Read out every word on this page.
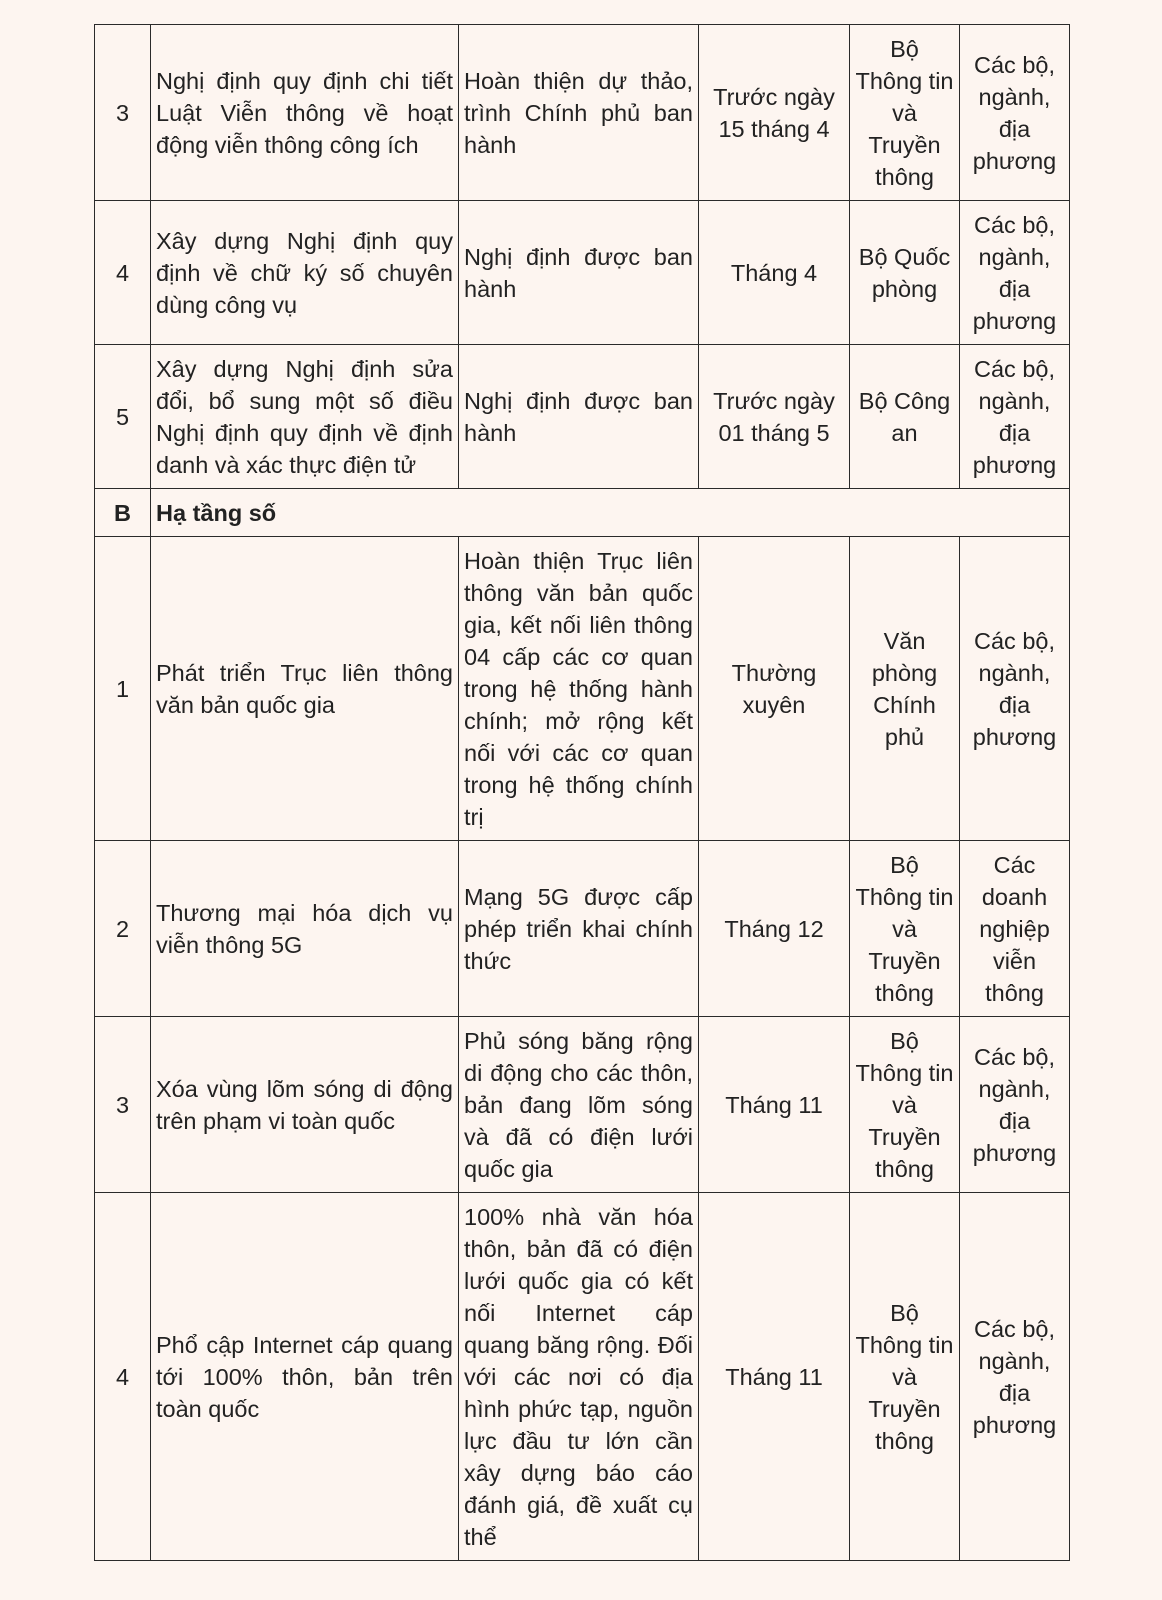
3	Nghị định quy định chi tiết Luật Viễn thông về hoạt động viễn thông công ích	Hoàn thiện dự thảo, trình Chính phủ ban hành	Trước ngày 15 tháng 4	Bộ Thông tin và Truyền thông	Các bộ, ngành, địa phương
4	Xây dựng Nghị định quy định về chữ ký số chuyên dùng công vụ	Nghị định được ban hành	Tháng 4	Bộ Quốc phòng	Các bộ, ngành, địa phương
5	Xây dựng Nghị định sửa đổi, bổ sung một số điều Nghị định quy định về định danh và xác thực điện tử	Nghị định được ban hành	Trước ngày 01 tháng 5	Bộ Công an	Các bộ, ngành, địa phương
B	Hạ tầng số				
1	Phát triển Trục liên thông văn bản quốc gia	Hoàn thiện Trục liên thông văn bản quốc gia, kết nối liên thông 04 cấp các cơ quan trong hệ thống hành chính; mở rộng kết nối với các cơ quan trong hệ thống chính trị	Thường xuyên	Văn phòng Chính phủ	Các bộ, ngành, địa phương
2	Thương mại hóa dịch vụ viễn thông 5G	Mạng 5G được cấp phép triển khai chính thức	Tháng 12	Bộ Thông tin và Truyền thông	Các doanh nghiệp viễn thông
3	Xóa vùng lõm sóng di động trên phạm vi toàn quốc	Phủ sóng băng rộng di động cho các thôn, bản đang lõm sóng và đã có điện lưới quốc gia	Tháng 11	Bộ Thông tin và Truyền thông	Các bộ, ngành, địa phương
4	Phổ cập Internet cáp quang tới 100% thôn, bản trên toàn quốc	100% nhà văn hóa thôn, bản đã có điện lưới quốc gia có kết nối Internet cáp quang băng rộng. Đối với các nơi có địa hình phức tạp, nguồn lực đầu tư lớn cần xây dựng báo cáo đánh giá, đề xuất cụ thể	Tháng 11	Bộ Thông tin và Truyền thông	Các bộ, ngành, địa phương
